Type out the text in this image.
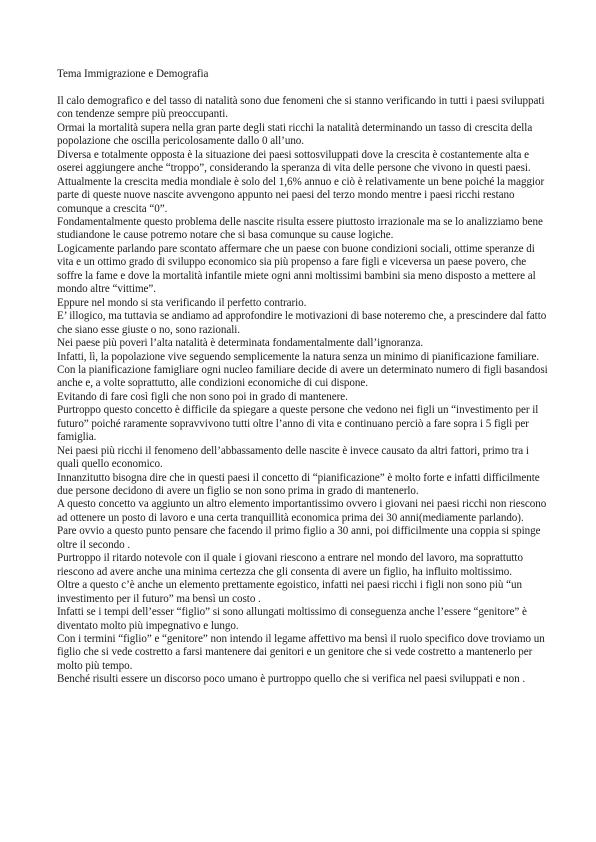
Tema Immigrazione e Demografia

Il calo demografico e del tasso di natalità sono due fenomeni che si stanno verificando in tutti i paesi sviluppati con tendenze sempre più preoccupanti.

Ormai la mortalità supera nella gran parte degli stati ricchi la natalità determinando un tasso di crescita della popolazione che oscilla pericolosamente dallo 0 all’uno.

Diversa e totalmente opposta è la situazione dei paesi sottosviluppati dove la crescita è costantemente alta e oserei aggiungere anche “troppo”, considerando la speranza di vita delle persone che vivono in questi paesi.

Attualmente la crescita media mondiale è solo del 1,6% annuo e ciò è relativamente un bene poiché la maggior parte di queste nuove nascite avvengono appunto nei paesi del terzo mondo mentre i paesi ricchi restano comunque a crescita “0”.

Fondamentalmente questo problema delle nascite risulta essere piuttosto irrazionale ma se lo analizziamo bene studiandone le cause potremo notare che si basa comunque su cause logiche.

Logicamente parlando pare scontato affermare che un paese con buone condizioni sociali, ottime speranze di vita e un ottimo grado di sviluppo economico sia più propenso a fare figli e viceversa un paese povero, che soffre la fame e dove la mortalità infantile miete ogni anni moltissimi bambini sia meno disposto a mettere al mondo altre “vittime”.

Eppure nel mondo si sta verificando il perfetto contrario.

E’ illogico, ma tuttavia se andiamo ad approfondire le motivazioni di base noteremo che, a prescindere dal fatto che siano esse giuste o no, sono razionali.

Nei paese più poveri l’alta natalità è determinata fondamentalmente dall’ignoranza.

Infatti, lì, la popolazione vive seguendo semplicemente la natura senza un minimo di pianificazione familiare.

Con la pianificazione famigliare ogni nucleo familiare decide di avere un determinato numero di figli basandosi anche e, a volte soprattutto, alle condizioni economiche di cui dispone.

Evitando di fare così figli che non sono poi in grado di mantenere.

Purtroppo questo concetto è difficile da spiegare a queste persone che vedono nei figli un “investimento per il futuro” poiché raramente sopravvivono tutti oltre l’anno di vita e continuano perciò a fare sopra i 5 figli per famiglia.

Nei paesi più ricchi il fenomeno dell’abbassamento delle nascite è invece causato da altri fattori, primo tra i quali quello economico.

Innanzitutto bisogna dire che in questi paesi il concetto di “pianificazione” è molto forte e infatti difficilmente due persone decidono di avere un figlio se non sono prima in grado di mantenerlo.

A questo concetto va aggiunto un altro elemento importantissimo ovvero i giovani nei paesi ricchi non riescono ad ottenere un posto di lavoro e una certa tranquillità economica prima dei 30 anni(mediamente parlando).

Pare ovvio a questo punto pensare che facendo il primo figlio a 30 anni, poi difficilmente una coppia si spinge oltre il secondo .

Purtroppo il ritardo notevole con il quale i giovani riescono a entrare nel mondo del lavoro, ma soprattutto riescono ad avere anche una minima certezza che gli consenta di avere un figlio, ha influito moltissimo.

Oltre a questo c’è anche un elemento prettamente egoistico, infatti nei paesi ricchi i figli non sono più “un investimento per il futuro” ma bensì un costo .

Infatti se i tempi dell’esser “figlio” si sono allungati moltissimo di conseguenza anche l’essere “genitore” è diventato molto più impegnativo e lungo.

Con i termini “figlio” e “genitore” non intendo il legame affettivo ma bensì il ruolo specifico dove troviamo un figlio che si vede costretto a farsi mantenere dai genitori e un genitore che si vede costretto a mantenerlo per molto più tempo.

Benché risulti essere un discorso poco umano è purtroppo quello che si verifica nel paesi sviluppati e non .
